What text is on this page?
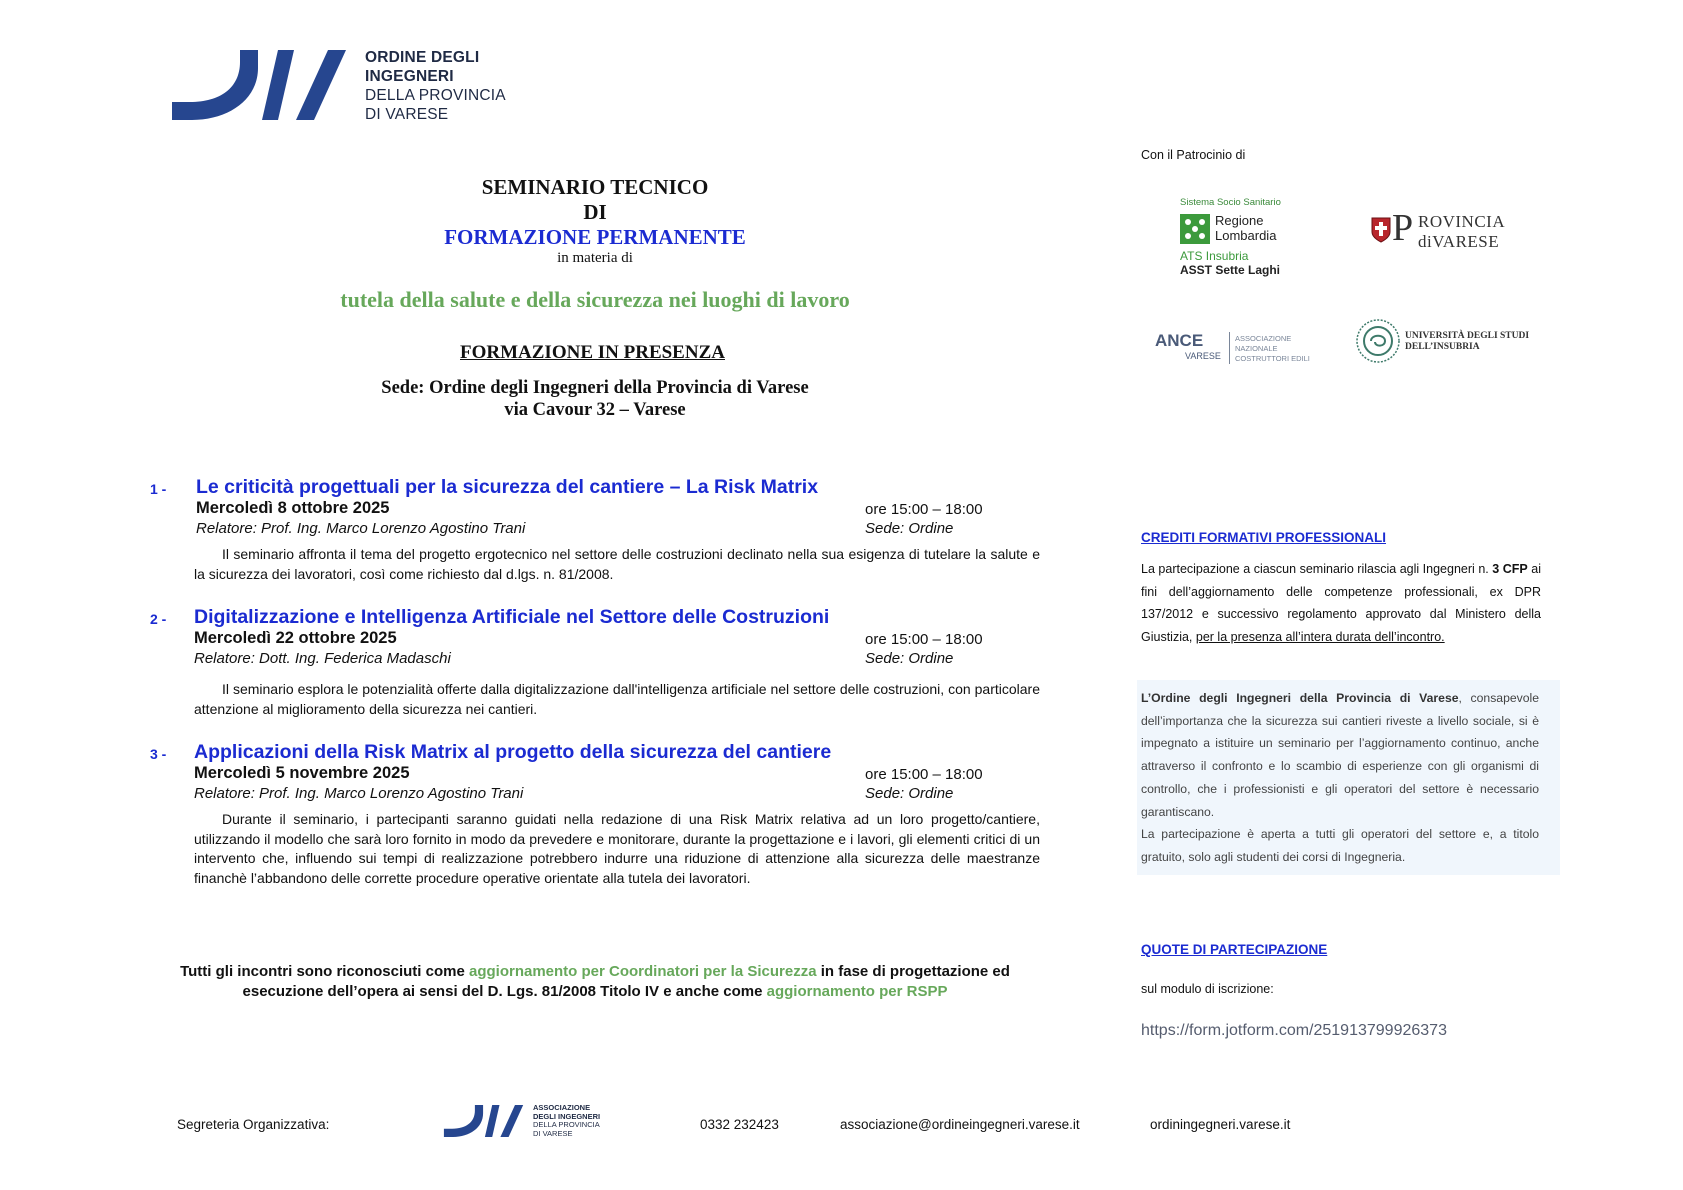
ORDINE DEGLI
INGEGNERI
DELLA PROVINCIA
DI VARESE
SEMINARIO TECNICO
DI
FORMAZIONE PERMANENTE
in materia di
tutela della salute e della sicurezza nei luoghi di lavoro
FORMAZIONE IN PRESENZA
Sede: Ordine degli Ingegneri della Provincia di Varese
via Cavour 32 – Varese
1 - Le criticità progettuali per la sicurezza del cantiere – La Risk Matrix
Mercoledì 8 ottobre 2025	ore 15:00 – 18:00
Relatore: Prof. Ing. Marco Lorenzo Agostino Trani	Sede: Ordine
Il seminario affronta il tema del progetto ergotecnico nel settore delle costruzioni declinato nella sua esigenza di tutelare la salute e la sicurezza dei lavoratori, così come richiesto dal d.lgs. n. 81/2008.
2 - Digitalizzazione e Intelligenza Artificiale nel Settore delle Costruzioni
Mercoledì 22 ottobre 2025	ore 15:00 – 18:00
Relatore: Dott. Ing. Federica Madaschi	Sede: Ordine
Il seminario esplora le potenzialità offerte dalla digitalizzazione dall'intelligenza artificiale nel settore delle costruzioni, con particolare attenzione al miglioramento della sicurezza nei cantieri.
3 - Applicazioni della Risk Matrix al progetto della sicurezza del cantiere
Mercoledì 5 novembre 2025	ore 15:00 – 18:00
Relatore: Prof. Ing. Marco Lorenzo Agostino Trani	Sede: Ordine
Durante il seminario, i partecipanti saranno guidati nella redazione di una Risk Matrix relativa ad un loro progetto/cantiere, utilizzando il modello che sarà loro fornito in modo da prevedere e monitorare, durante la progettazione e i lavori, gli elementi critici di un intervento che, influendo sui tempi di realizzazione potrebbero indurre una riduzione di attenzione alla sicurezza delle maestranze financhè l’abbandono delle corrette procedure operative orientate alla tutela dei lavoratori.
Tutti gli incontri sono riconosciuti come aggiornamento per Coordinatori per la Sicurezza in fase di progettazione ed
esecuzione dell’opera ai sensi del D. Lgs. 81/2008 Titolo IV e anche come aggiornamento per RSPP
Con il Patrocinio di
Sistema Socio Sanitario
Regione
Lombardia
ATS Insubria
ASST Sette Laghi
P ROVINCIA
diVARESE
ANCE
VARESE
ASSOCIAZIONE NAZIONALE
COSTRUTTORI EDILI
UNIVERSITÀ DEGLI STUDI
DELL’INSUBRIA
CREDITI FORMATIVI PROFESSIONALI
La partecipazione a ciascun seminario rilascia agli Ingegneri n. 3 CFP ai fini dell’aggiornamento delle competenze professionali, ex DPR 137/2012 e successivo regolamento approvato dal Ministero della Giustizia, per la presenza all’intera durata dell’incontro.
L’Ordine degli Ingegneri della Provincia di Varese, consapevole dell’importanza che la sicurezza sui cantieri riveste a livello sociale, si è impegnato a istituire un seminario per l’aggiornamento continuo, anche attraverso il confronto e lo scambio di esperienze con gli organismi di controllo, che i professionisti e gli operatori del settore è necessario garantiscano.
La partecipazione è aperta a tutti gli operatori del settore e, a titolo gratuito, solo agli studenti dei corsi di Ingegneria.
QUOTE DI PARTECIPAZIONE
sul modulo di iscrizione:
https://form.jotform.com/251913799926373
Segreteria Organizzativa:
ASSOCIAZIONE
DEGLI INGEGNERI
DELLA PROVINCIA
DI VARESE
0332 232423	associazione@ordineingegneri.varese.it	ordiningegneri.varese.it
